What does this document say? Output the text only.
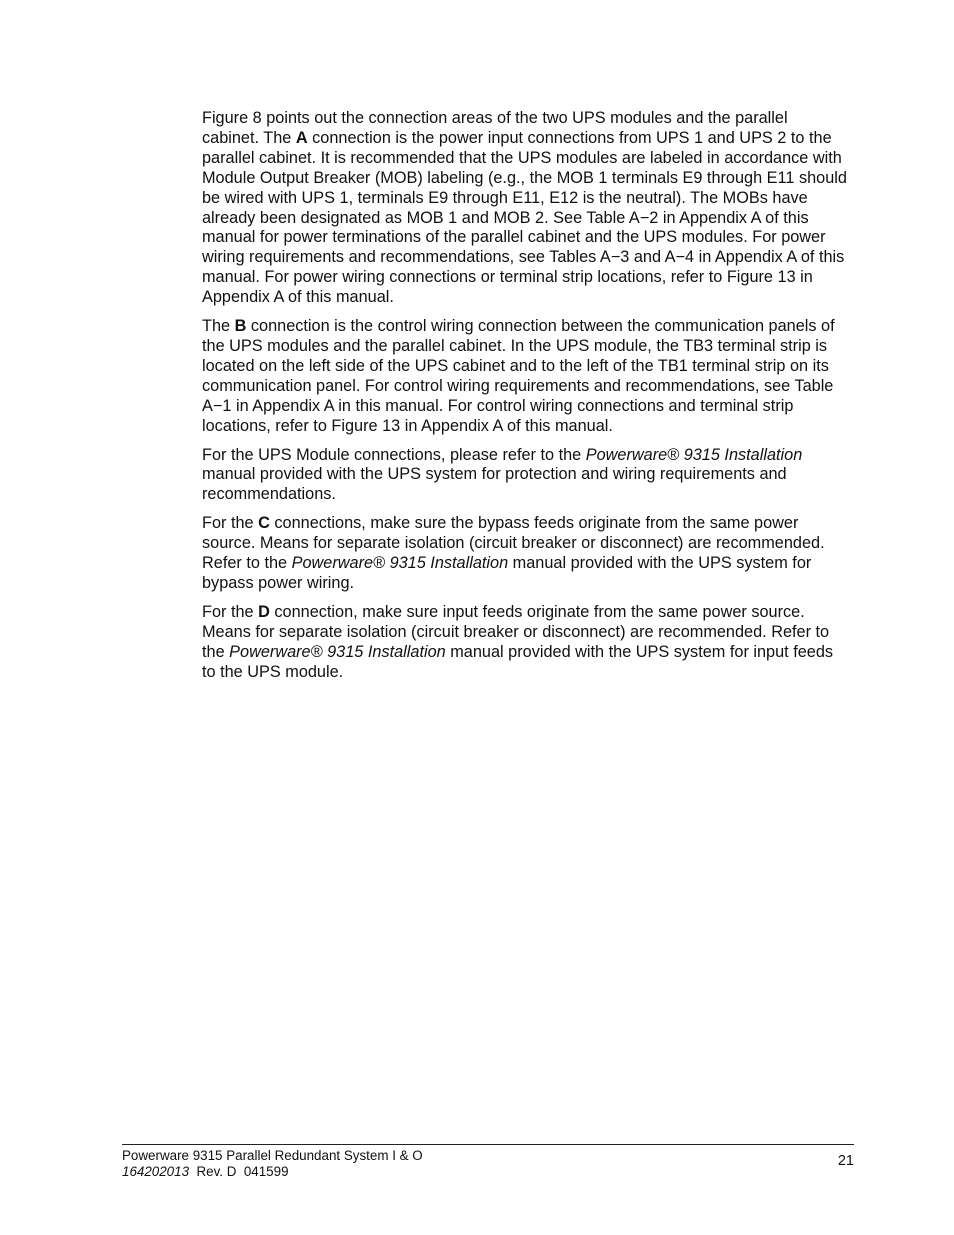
Figure 8 points out the connection areas of the two UPS modules and the parallel cabinet. The A connection is the power input connections from UPS 1 and UPS 2 to the parallel cabinet. It is recommended that the UPS modules are labeled in accordance with Module Output Breaker (MOB) labeling (e.g., the MOB 1 terminals E9 through E11 should be wired with UPS 1, terminals E9 through E11, E12 is the neutral). The MOBs have already been designated as MOB 1 and MOB 2. See Table A−2 in Appendix A of this manual for power terminations of the parallel cabinet and the UPS modules. For power wiring requirements and recommendations, see Tables A−3 and A−4 in Appendix A of this manual. For power wiring connections or terminal strip locations, refer to Figure 13 in Appendix A of this manual.

The B connection is the control wiring connection between the communication panels of the UPS modules and the parallel cabinet. In the UPS module, the TB3 terminal strip is located on the left side of the UPS cabinet and to the left of the TB1 terminal strip on its communication panel. For control wiring requirements and recommendations, see Table A−1 in Appendix A in this manual. For control wiring connections and terminal strip locations, refer to Figure 13 in Appendix A of this manual.

For the UPS Module connections, please refer to the Powerware® 9315 Installation manual provided with the UPS system for protection and wiring requirements and recommendations.

For the C connections, make sure the bypass feeds originate from the same power source. Means for separate isolation (circuit breaker or disconnect) are recommended. Refer to the Powerware® 9315 Installation manual provided with the UPS system for bypass power wiring.

For the D connection, make sure input feeds originate from the same power source. Means for separate isolation (circuit breaker or disconnect) are recommended. Refer to the Powerware® 9315 Installation manual provided with the UPS system for input feeds to the UPS module.

Powerware 9315 Parallel Redundant System I & O
164202013  Rev. D  041599
21
